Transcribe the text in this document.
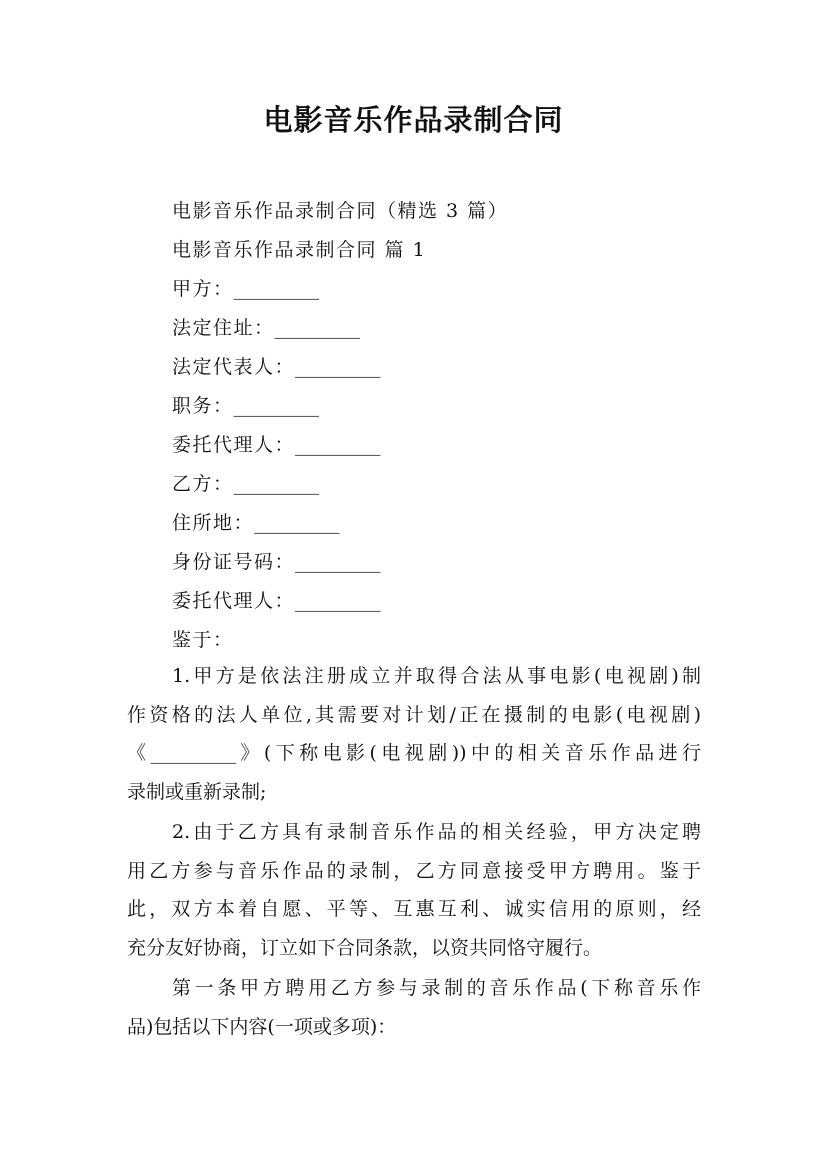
电影音乐作品录制合同
电影音乐作品录制合同（精选 3 篇）
电影音乐作品录制合同 篇 1
甲方：_________
法定住址：_________
法定代表人：_________
职务：_________
委托代理人：_________
乙方：_________
住所地：_________
身份证号码：_________
委托代理人：_________
鉴于：
1.甲方是依法注册成立并取得合法从事电影(电视剧)制
作资格的法人单位,其需要对计划/正在摄制的电影(电视剧)
《_________》(下称电影(电视剧))中的相关音乐作品进行
录制或重新录制;
2.由于乙方具有录制音乐作品的相关经验，甲方决定聘
用乙方参与音乐作品的录制，乙方同意接受甲方聘用。鉴于
此，双方本着自愿、平等、互惠互利、诚实信用的原则，经
充分友好协商，订立如下合同条款，以资共同恪守履行。
第一条甲方聘用乙方参与录制的音乐作品(下称音乐作
品)包括以下内容(一项或多项)：
